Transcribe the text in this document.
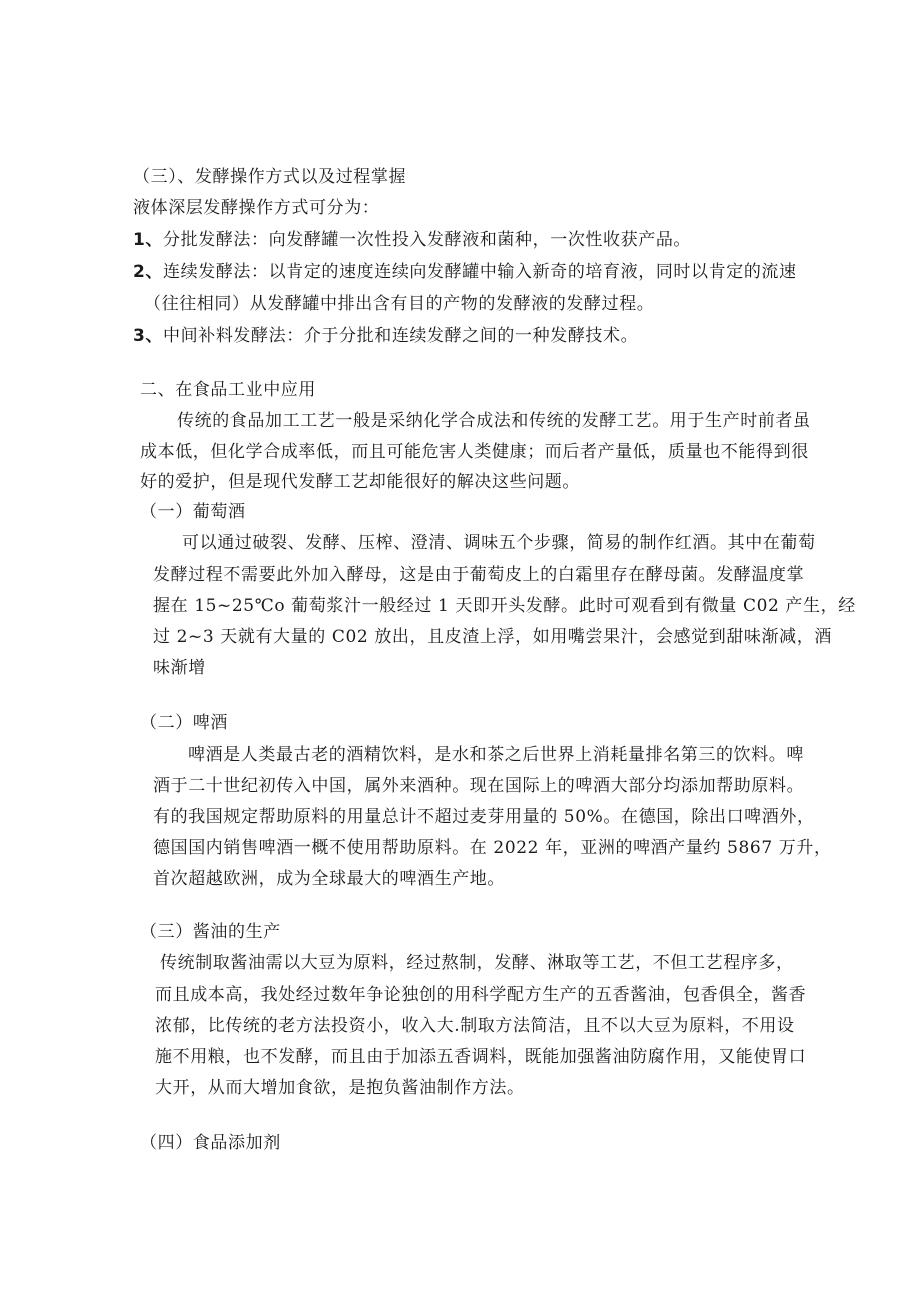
（三）、发酵操作方式以及过程掌握
液体深层发酵操作方式可分为：
1、分批发酵法：向发酵罐一次性投入发酵液和菌种，一次性收获产品。
2、连续发酵法：以肯定的速度连续向发酵罐中输入新奇的培育液，同时以肯定的流速
（往往相同）从发酵罐中排出含有目的产物的发酵液的发酵过程。
3、中间补料发酵法：介于分批和连续发酵之间的一种发酵技术。
二、在食品工业中应用
传统的食品加工工艺一般是采纳化学合成法和传统的发酵工艺。用于生产时前者虽
成本低，但化学合成率低，而且可能危害人类健康；而后者产量低，质量也不能得到很
好的爱护，但是现代发酵工艺却能很好的解决这些问题。
（一）葡萄酒
可以通过破裂、发酵、压榨、澄清、调味五个步骤，简易的制作红酒。其中在葡萄
发酵过程不需要此外加入酵母，这是由于葡萄皮上的白霜里存在酵母菌。发酵温度掌
握在 15~25℃o 葡萄浆汁一般经过 1 天即开头发酵。此时可观看到有微量 C02 产生，经
过 2~3 天就有大量的 C02 放出，且皮渣上浮，如用嘴尝果汁，会感觉到甜味渐减，酒
味渐增
（二）啤酒
啤酒是人类最古老的酒精饮料，是水和茶之后世界上消耗量排名第三的饮料。啤
酒于二十世纪初传入中国，属外来酒种。现在国际上的啤酒大部分均添加帮助原料。
有的我国规定帮助原料的用量总计不超过麦芽用量的 50%。在德国，除出口啤酒外，
德国国内销售啤酒一概不使用帮助原料。在 2022 年，亚洲的啤酒产量约 5867 万升，
首次超越欧洲，成为全球最大的啤酒生产地。
（三）酱油的生产
传统制取酱油需以大豆为原料，经过熬制，发酵、淋取等工艺，不但工艺程序多，
而且成本高，我处经过数年争论独创的用科学配方生产的五香酱油，包香俱全，酱香
浓郁，比传统的老方法投资小，收入大.制取方法简洁，且不以大豆为原料，不用设
施不用粮，也不发酵，而且由于加添五香调料，既能加强酱油防腐作用，又能使胃口
大开，从而大增加食欲，是抱负酱油制作方法。
（四）食品添加剂
